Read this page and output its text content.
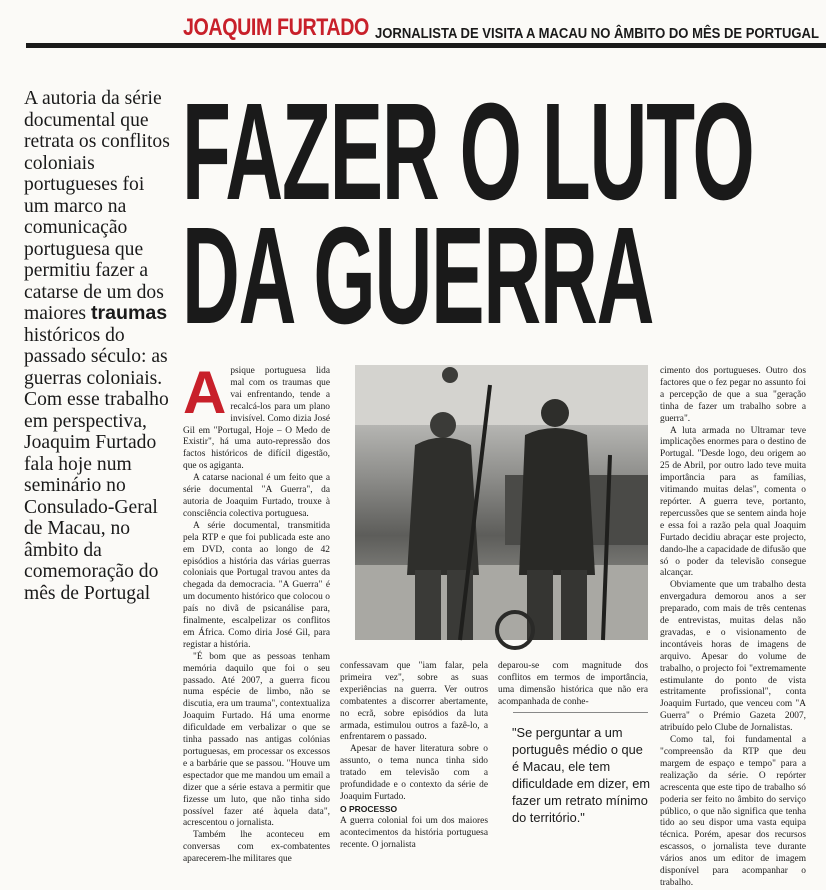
JOAQUIM FURTADO JORNALISTA DE VISITA A MACAU NO ÂMBITO DO MÊS DE PORTUGAL
A autoria da série documental que retrata os conflitos coloniais portugueses foi um marco na comunicação portuguesa que permitiu fazer a catarse de um dos maiores traumas históricos do passado século: as guerras coloniais. Com esse trabalho em perspectiva, Joaquim Furtado fala hoje num seminário no Consulado-Geral de Macau, no âmbito da comemoração do mês de Portugal
FAZER O LUTO
DA GUERRA

Apsique portuguesa lida mal com os traumas que vai enfrentando, tende a recalcá-los para um plano invisível. Como dizia José Gil em "Portugal, Hoje – O Medo de Existir", há uma auto-repressão dos factos históricos de difícil digestão, que os agiganta.

A catarse nacional é um feito que a série documental "A Guerra", da autoria de Joaquim Furtado, trouxe à consciência colectiva portuguesa.

A série documental, transmitida pela RTP e que foi publicada este ano em DVD, conta ao longo de 42 episódios a história das várias guerras coloniais que Portugal travou antes da chegada da democracia. "A Guerra" é um documento histórico que colocou o país no divã de psicanálise para, finalmente, escalpelizar os conflitos em África. Como diria José Gil, para registar a história.

"É bom que as pessoas tenham memória daquilo que foi o seu passado. Até 2007, a guerra ficou numa espécie de limbo, não se discutia, era um trauma", contextualiza Joaquim Furtado. Há uma enorme dificuldade em verbalizar o que se tinha passado nas antigas colónias portuguesas, em processar os excessos e a barbárie que se passou. "Houve um espectador que me mandou um email a dizer que a série estava a permitir que fizesse um luto, que não tinha sido possível fazer até àquela data", acrescentou o jornalista.

Também lhe aconteceu em conversas com ex-combatentes aparecerem-lhe militares que

confessavam que "iam falar, pela primeira vez", sobre as suas experiências na guerra. Ver outros combatentes a discorrer abertamente, no ecrã, sobre episódios da luta armada, estimulou outros a fazê-lo, a enfrentarem o passado.

Apesar de haver literatura sobre o assunto, o tema nunca tinha sido tratado em televisão com a profundidade e o contexto da série de Joaquim Furtado.

O PROCESSO

A guerra colonial foi um dos maiores acontecimentos da história portuguesa recente. O jornalista

deparou-se com magnitude dos conflitos em termos de importância, uma dimensão histórica que não era acompanhada de conhe-

"Se perguntar a um português médio o que é Macau, ele tem dificuldade em dizer, em fazer um retrato mínimo do território."

cimento dos portugueses. Outro dos factores que o fez pegar no assunto foi a percepção de que a sua "geração tinha de fazer um trabalho sobre a guerra".

A luta armada no Ultramar teve implicações enormes para o destino de Portugal. "Desde logo, deu origem ao 25 de Abril, por outro lado teve muita importância para as famílias, vitimando muitas delas", comenta o repórter. A guerra teve, portanto, repercussões que se sentem ainda hoje e essa foi a razão pela qual Joaquim Furtado decidiu abraçar este projecto, dando-lhe a capacidade de difusão que só o poder da televisão consegue alcançar.

Obviamente que um trabalho desta envergadura demorou anos a ser preparado, com mais de três centenas de entrevistas, muitas delas não gravadas, e o visionamento de incontáveis horas de imagens de arquivo. Apesar do volume de trabalho, o projecto foi "extremamente estimulante do ponto de vista estritamente profissional", conta Joaquim Furtado, que venceu com "A Guerra" o Prémio Gazeta 2007, atribuído pelo Clube de Jornalistas.

Como tal, foi fundamental a "compreensão da RTP que deu margem de espaço e tempo" para a realização da série. O repórter acrescenta que este tipo de trabalho só poderia ser feito no âmbito do serviço público, o que não significa que tenha tido ao seu dispor uma vasta equipa técnica. Porém, apesar dos recursos escassos, o jornalista teve durante vários anos um editor de imagem disponível para acompanhar o trabalho.
